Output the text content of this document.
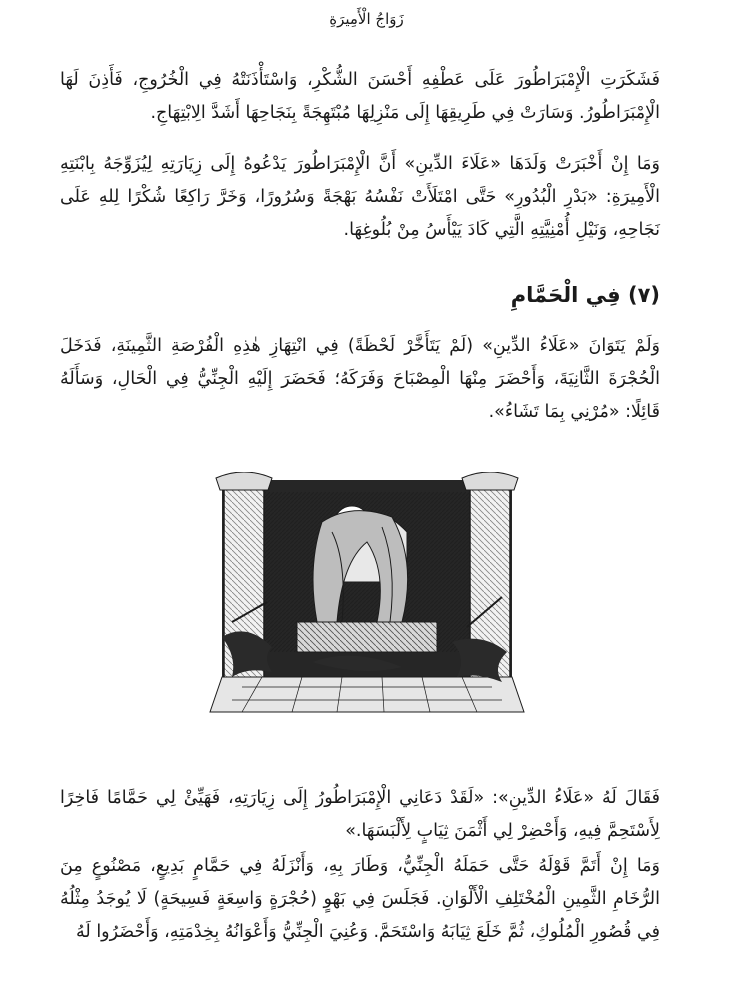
زَوَاجُ الْأَمِيرَةِ

فَشَكَرَتِ الْإِمْبَرَاطُورَ عَلَى عَطْفِهِ أَحْسَنَ الشُّكْرِ، وَاسْتَأْذَنَتْهُ فِي الْخُرُوجِ، فَأَذِنَ لَهَا الْإِمْبَرَاطُورُ. وَسَارَتْ فِي طَرِيقِهَا إِلَى مَنْزِلِهَا مُبْتَهِجَةً بِنَجَاحِهَا أَشَدَّ الِابْتِهَاجِ.

وَمَا إِنْ أَخْبَرَتْ وَلَدَهَا «عَلَاءَ الدِّينِ» أَنَّ الْإِمْبَرَاطُورَ يَدْعُوهُ إِلَى زِيَارَتِهِ لِيُزَوِّجَهُ بِابْنَتِهِ الْأَمِيرَةِ: «بَدْرِ الْبُدُورِ» حَتَّى امْتَلَأَتْ نَفْسُهُ بَهْجَةً وَسُرُورًا، وَخَرَّ رَاكِعًا شُكْرًا لِلهِ عَلَى نَجَاحِهِ، وَنَيْلِ أُمْنِيَّتِهِ الَّتِي كَادَ يَيْأَسُ مِنْ بُلُوغِهَا.

(٧) فِي الْحَمَّامِ

وَلَمْ يَتَوَانَ «عَلَاءُ الدِّينِ» (لَمْ يَتَأَخَّرْ لَحْظَةً) فِي انْتِهَازِ هٰذِهِ الْفُرْصَةِ الثَّمِينَةِ، فَدَخَلَ الْحُجْرَةَ الثَّانِيَةَ، وَأَحْضَرَ مِنْهَا الْمِصْبَاحَ وَفَرَكَهُ؛ فَحَضَرَ إِلَيْهِ الْجِنِّيُّ فِي الْحَالِ، وَسَأَلَهُ قَائِلًا: «مُرْنِي بِمَا تَشَاءُ».

فَقَالَ لَهُ «عَلَاءُ الدِّينِ»: «لَقَدْ دَعَانِي الْإِمْبَرَاطُورُ إِلَى زِيَارَتِهِ، فَهَيِّئْ لِي حَمَّامًا فَاخِرًا لِأَسْتَحِمَّ فِيهِ، وَأَحْضِرْ لِي أَثْمَنَ ثِيَابٍ لِأَلْبَسَهَا.»

وَمَا إِنْ أَتَمَّ قَوْلَهُ حَتَّى حَمَلَهُ الْجِنِّيُّ، وَطَارَ بِهِ، وَأَنْزَلَهُ فِي حَمَّامٍ بَدِيعٍ، مَصْنُوعٍ مِنَ الرُّخَامِ الثَّمِينِ الْمُخْتَلِفِ الْأَلْوَانِ. فَجَلَسَ فِي بَهْوٍ (حُجْرَةٍ وَاسِعَةٍ فَسِيحَةٍ) لَا يُوجَدُ مِثْلُهُ فِي قُصُورِ الْمُلُوكِ، ثُمَّ خَلَعَ ثِيَابَهُ وَاسْتَحَمَّ. وَعُنِيَ الْجِنِّيُّ وَأَعْوَانُهُ بِخِدْمَتِهِ، وَأَحْضَرُوا لَهُ
